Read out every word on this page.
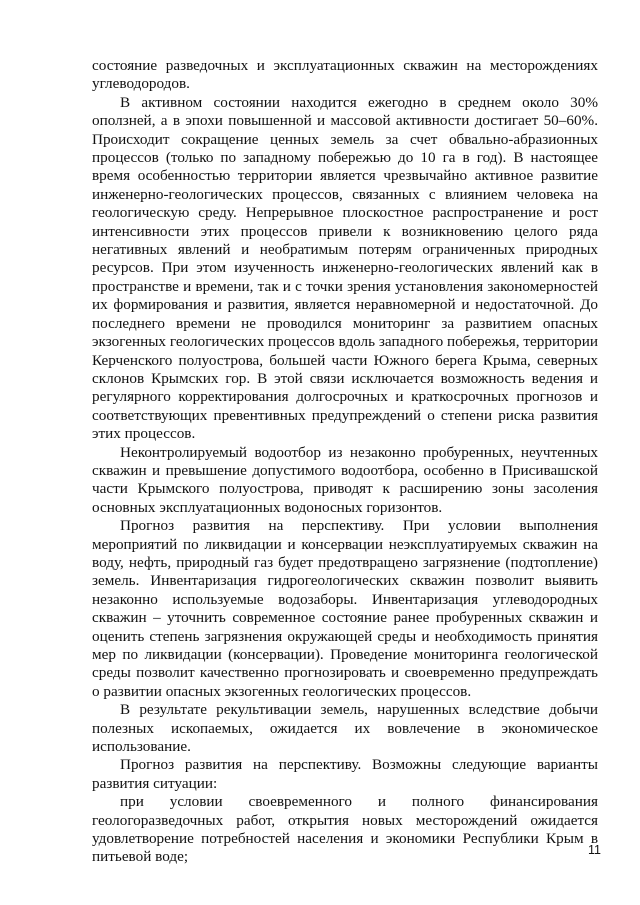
состояние разведочных и эксплуатационных скважин на месторождениях углеводородов.

В активном состоянии находится ежегодно в среднем около 30% оползней, а в эпохи повышенной и массовой активности достигает 50–60%. Происходит сокращение ценных земель за счет обвально-абразионных процессов (только по западному побережью до 10 га в год). В настоящее время особенностью территории является чрезвычайно активное развитие инженерно-геологических процессов, связанных с влиянием человека на геологическую среду. Непрерывное плоскостное распространение и рост интенсивности этих процессов привели к возникновению целого ряда негативных явлений и необратимым потерям ограниченных природных ресурсов. При этом изученность инженерно-геологических явлений как в пространстве и времени, так и с точки зрения установления закономерностей их формирования и развития, является неравномерной и недостаточной. До последнего времени не проводился мониторинг за развитием опасных экзогенных геологических процессов вдоль западного побережья, территории Керченского полуострова, большей части Южного берега Крыма, северных склонов Крымских гор. В этой связи исключается возможность ведения и регулярного корректирования долгосрочных и краткосрочных прогнозов и соответствующих превентивных предупреждений о степени риска развития этих процессов.

Неконтролируемый водоотбор из незаконно пробуренных, неучтенных скважин и превышение допустимого водоотбора, особенно в Присивашской части Крымского полуострова, приводят к расширению зоны засоления основных эксплуатационных водоносных горизонтов.

Прогноз развития на перспективу. При условии выполнения мероприятий по ликвидации и консервации неэксплуатируемых скважин на воду, нефть, природный газ будет предотвращено загрязнение (подтопление) земель. Инвентаризация гидрогеологических скважин позволит выявить незаконно используемые водозаборы. Инвентаризация углеводородных скважин – уточнить современное состояние ранее пробуренных скважин и оценить степень загрязнения окружающей среды и необходимость принятия мер по ликвидации (консервации). Проведение мониторинга геологической среды позволит качественно прогнозировать и своевременно предупреждать о развитии опасных экзогенных геологических процессов.

В результате рекультивации земель, нарушенных вследствие добычи полезных ископаемых, ожидается их вовлечение в экономическое использование.

Прогноз развития на перспективу. Возможны следующие варианты развития ситуации:

при условии своевременного и полного финансирования геологоразведочных работ, открытия новых месторождений ожидается удовлетворение потребностей населения и экономики Республики Крым в питьевой воде;	11
